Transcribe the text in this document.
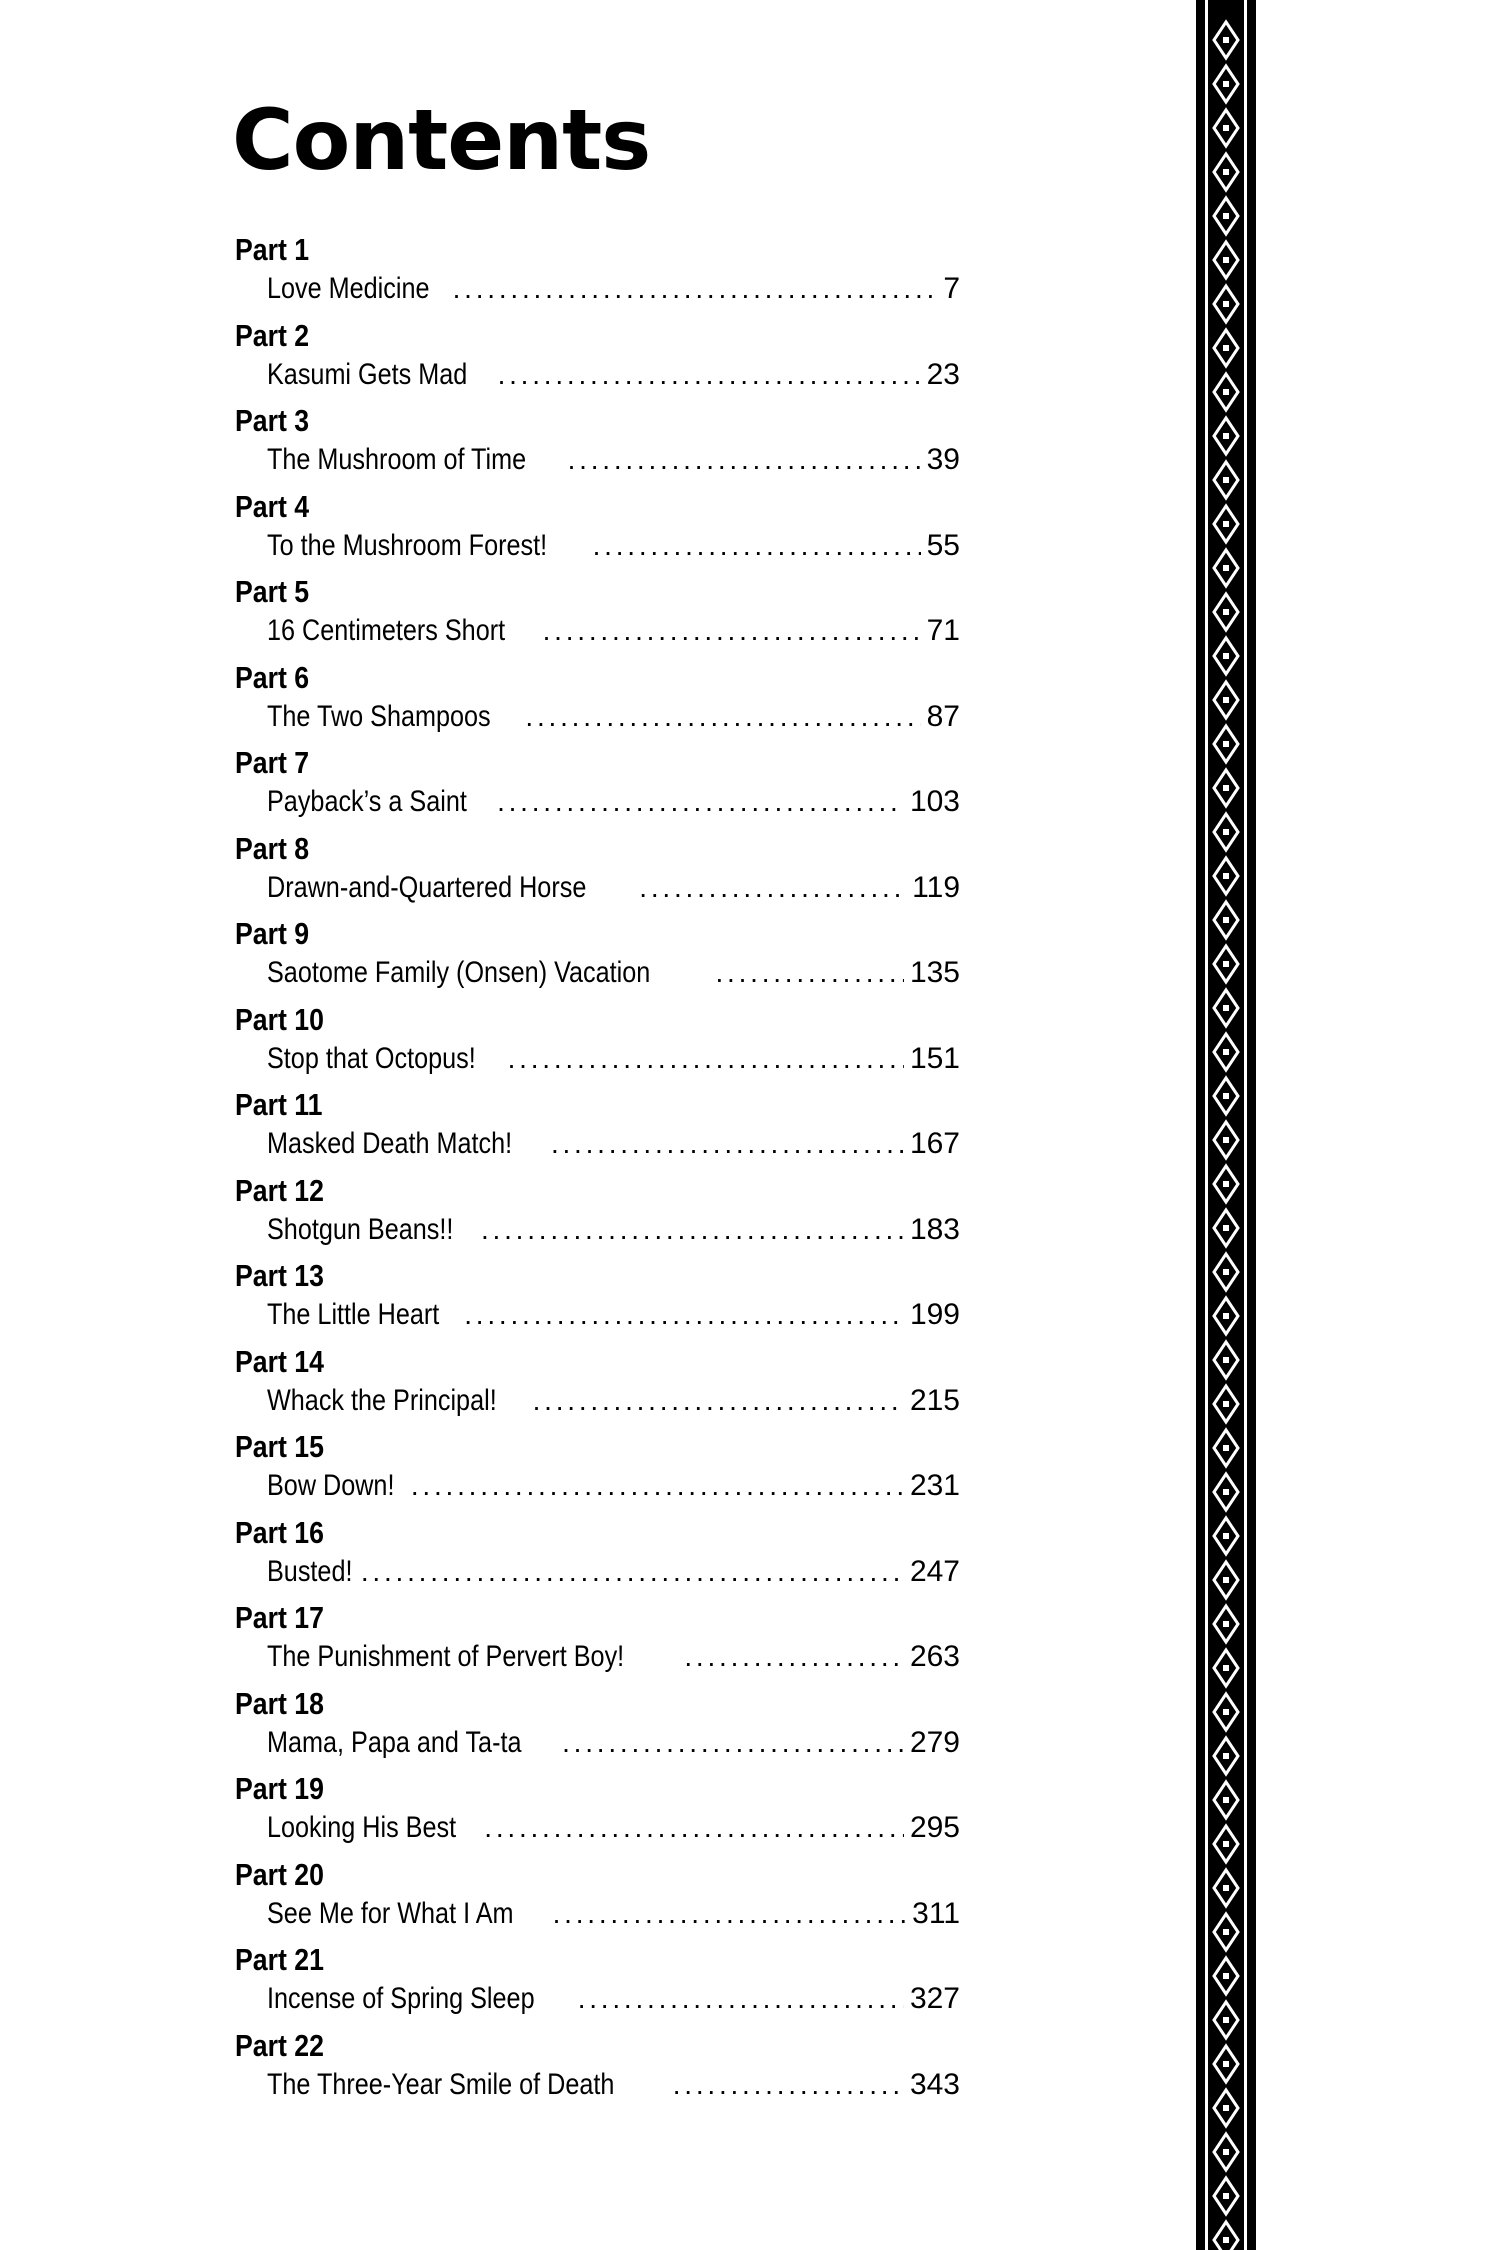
Contents
Part 1
Love Medicine . . .	7
Part 2
Kasumi Gets Mad . . .	23
Part 3
The Mushroom of Time . . .	39
Part 4
To the Mushroom Forest! . . .	55
Part 5
16 Centimeters Short . . .	71
Part 6
The Two Shampoos . . .	87
Part 7
Payback’s a Saint . . .	103
Part 8
Drawn-and-Quartered Horse . . .	119
Part 9
Saotome Family (Onsen) Vacation . . .	135
Part 10
Stop that Octopus! . . .	151
Part 11
Masked Death Match! . . .	167
Part 12
Shotgun Beans!! . . .	183
Part 13
The Little Heart . . .	199
Part 14
Whack the Principal! . . .	215
Part 15
Bow Down! . . .	231
Part 16
Busted! . . .	247
Part 17
The Punishment of Pervert Boy! . . .	263
Part 18
Mama, Papa and Ta-ta . . .	279
Part 19
Looking His Best . . .	295
Part 20
See Me for What I Am . . .	311
Part 21
Incense of Spring Sleep . . .	327
Part 22
The Three-Year Smile of Death . . .	343
